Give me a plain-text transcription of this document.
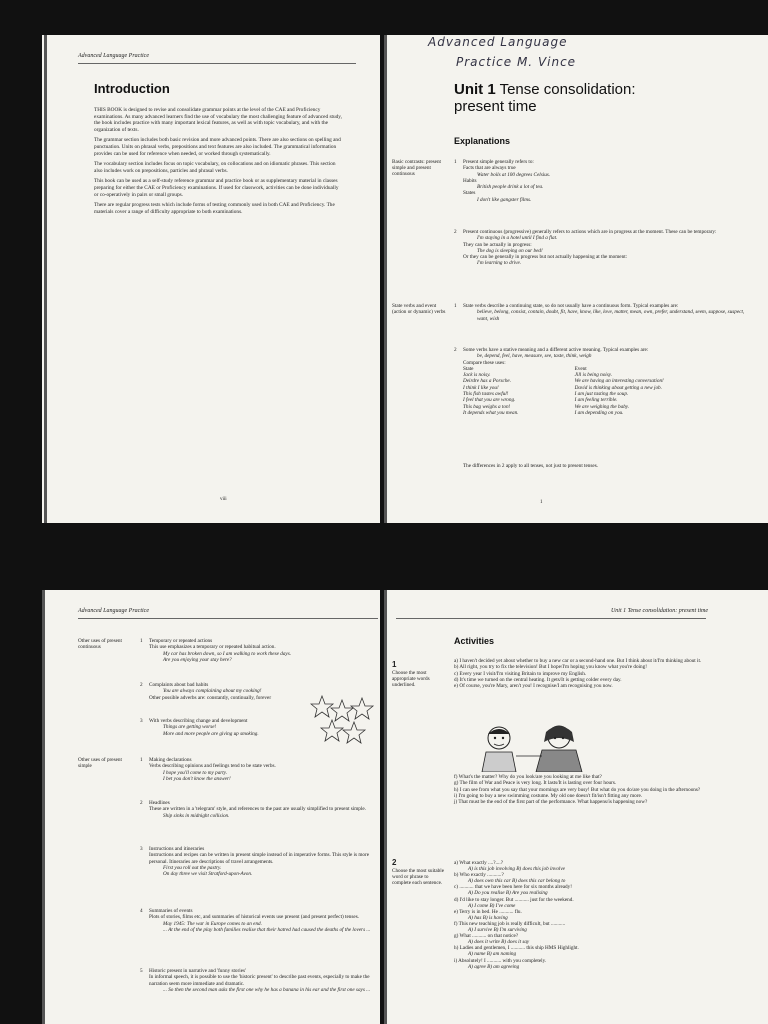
Advanced Language Practice
Introduction

THIS BOOK is designed to revise and consolidate grammar points at the level of the CAE and Proficiency examinations. As many advanced learners find the use of vocabulary the most challenging feature of advanced study, the book includes practice with many important lexical features, as well as with topic vocabulary, and with the organization of texts.

The grammar section includes both basic revision and more advanced points. There are also sections on spelling and punctuation. Units on phrasal verbs, prepositions and text features are also included. The grammatical information provides can be used for reference when needed, or worked through systematically.

The vocabulary section includes focus on topic vocabulary, on collocations and on idiomatic phrases. This section also includes work on prepositions, particles and phrasal verbs.

This book can be used as a self-study reference grammar and practice book or as supplementary material in classes preparing for either the CAE or Proficiency examinations. If used for classwork, activities can be done individually or co-operatively in pairs or small groups.

There are regular progress tests which include forms of testing commonly used in both CAE and Proficiency. The materials cover a range of difficulty appropriate to both examinations.

viii
Advanced Language
Practice M. Vince
Unit 1 Tense consolidation:
present time
Explanations
Basic contrasts: present simple and present continuous
1 Present simple generally refers to:
Facts that are always true
Water boils at 100 degrees Celsius.
Habits
British people drink a lot of tea.
States
I don't like gangster films.
2 Present continuous (progressive) generally refers to actions which are in progress at the moment. These can be temporary:
I'm staying in a hotel until I find a flat.
They can be actually in progress:
The dog is sleeping on our bed!
Or they can be generally in progress but not actually happening at the moment:
I'm learning to drive.
State verbs and event (action or dynamic) verbs
1 State verbs describe a continuing state, so do not usually have a continuous form. Typical examples are:
believe, belong, consist, contain, doubt, fit, have, know, like, love, matter, mean, own, prefer, understand, seem, suppose, suspect, want, wish
2 Some verbs have a stative meaning and a different active meaning. Typical examples are:
be, depend, feel, have, measure, see, taste, think, weigh
Compare these uses:
State
Jack is noisy.
Deirdre has a Porsche.
I think I like you!
This fish tastes awful!
I feel that you are wrong.
This bag weighs a ton!
It depends what you mean.
Event
Jill is being noisy.
We are having an interesting conversation!
David is thinking about getting a new job.
I am just tasting the soup.
I am feeling terrible.
We are weighing the baby.
I am depending on you.
The differences in 2 apply to all tenses, not just to present tenses.
1
Advanced Language Practice
Other uses of present continuous
1 Temporary or repeated actions
This use emphasizes a temporary or repeated habitual action.
My car has broken down, so I am walking to work these days.
Are you enjoying your stay here?
2 Complaints about bad habits
You are always complaining about my cooking!
Other possible adverbs are: constantly, continually, forever
3 With verbs describing change and development
Things are getting worse!
More and more people are giving up smoking.
Other uses of present simple
1 Making declarations
Verbs describing opinions and feelings tend to be state verbs.
I hope you'll come to my party.
I bet you don't know the answer!
2 Headlines
These are written in a 'telegram' style, and references to the past are usually simplified to present simple.
Ship sinks in midnight collision.
3 Instructions and itineraries
Instructions and recipes can be written in present simple instead of in imperative forms. This style is more personal. Itineraries are descriptions of travel arrangements.
First you roll out the pastry.
On day three we visit Stratford-upon-Avon.
4 Summaries of events
Plots of stories, films etc, and summaries of historical events use present (and present perfect) tenses.
May 1945: The war in Europe comes to an end.
... At the end of the play both families realise that their hatred had caused the deaths of the lovers ...
5 Historic present in narrative and 'funny stories'
In informal speech, it is possible to use the 'historic present' to describe past events, especially to make the narration seem more immediate and dramatic.
... So then the second man asks the first one why he has a banana in his ear and the first one says ...
Unit 1 Tense consolidation: present time
Activities
1
Choose the most appropriate words underlined.
a) I haven't decided yet about whether to buy a new car or a second-hand one. But I think about it/I'm thinking about it.
b) All right, you try to fix the television! But I hope/I'm hoping you know what you're doing!
c) Every year I visit/I'm visiting Britain to improve my English.
d) It's time we turned on the central heating. It gets/It is getting colder every day.
e) Of course, you're Mary, aren't you! I recognise/I am recognising you now.
f) What's the matter? Why do you look/are you looking at me like that?
g) The film of War and Peace is very long. It lasts/It is lasting over four hours.
h) I can see from what you say that your mornings are very busy! But what do you do/are you doing in the afternoons?
i) I'm going to buy a new swimming costume. My old one doesn't fit/isn't fitting any more.
j) That must be the end of the first part of the performance. What happens/is happening now?
2
Choose the most suitable word or phrase to complete each sentence.
a) What exactly ....?....?
A) is this job involving B) does this job involve
b) Who exactly ...........?
A) does own this car B) does this car belong to
c) ........... that we have been here for six months already!
A) Do you realise B) Are you realising
d) I'd like to stay longer. But ........... just for the weekend.
A) I come B) I've come
e) Terry is in bed. He ........... flu.
A) has B) is having
f) This new teaching job is really difficult, but ...........
A) I survive B) I'm surviving
g) What ........... on that notice?
A) does it write B) does it say
h) Ladies and gentlemen, I ........... this ship HMS Highlight.
A) name B) am naming
i) Absolutely! I ........... with you completely.
A) agree B) am agreeing
